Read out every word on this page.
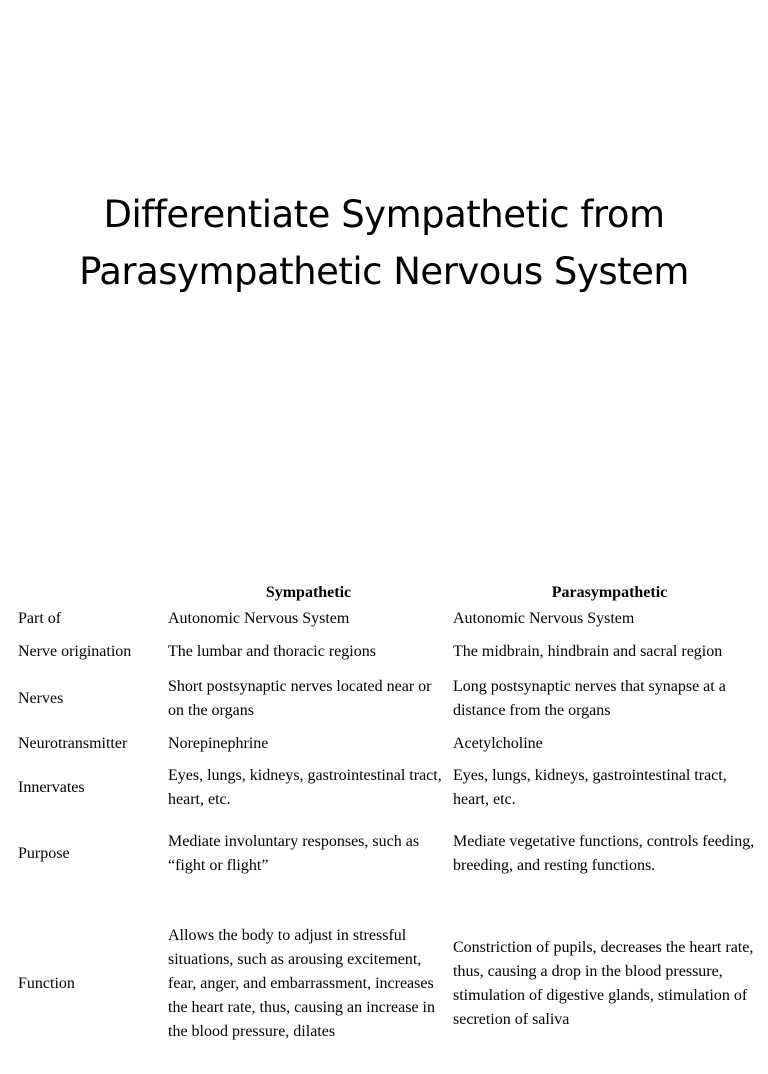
Differentiate Sympathetic from
Parasympathetic Nervous System
	Sympathetic	Parasympathetic
Part of	Autonomic Nervous System	Autonomic Nervous System
Nerve origination	The lumbar and thoracic regions	The midbrain, hindbrain and sacral region
Nerves	Short postsynaptic nerves located near or on the organs	Long postsynaptic nerves that synapse at a distance from the organs
Neurotransmitter	Norepinephrine	Acetylcholine
Innervates	Eyes, lungs, kidneys, gastrointestinal tract, heart, etc.	Eyes, lungs, kidneys, gastrointestinal tract, heart, etc.
Purpose	Mediate involuntary responses, such as “fight or flight”	Mediate vegetative functions, controls feeding, breeding, and resting functions.
Function	Allows the body to adjust in stressful situations, such as arousing excitement, fear, anger, and embarrassment, increases the heart rate, thus, causing an increase in the blood pressure, dilates	Constriction of pupils, decreases the heart rate, thus, causing a drop in the blood pressure, stimulation of digestive glands, stimulation of secretion of saliva
